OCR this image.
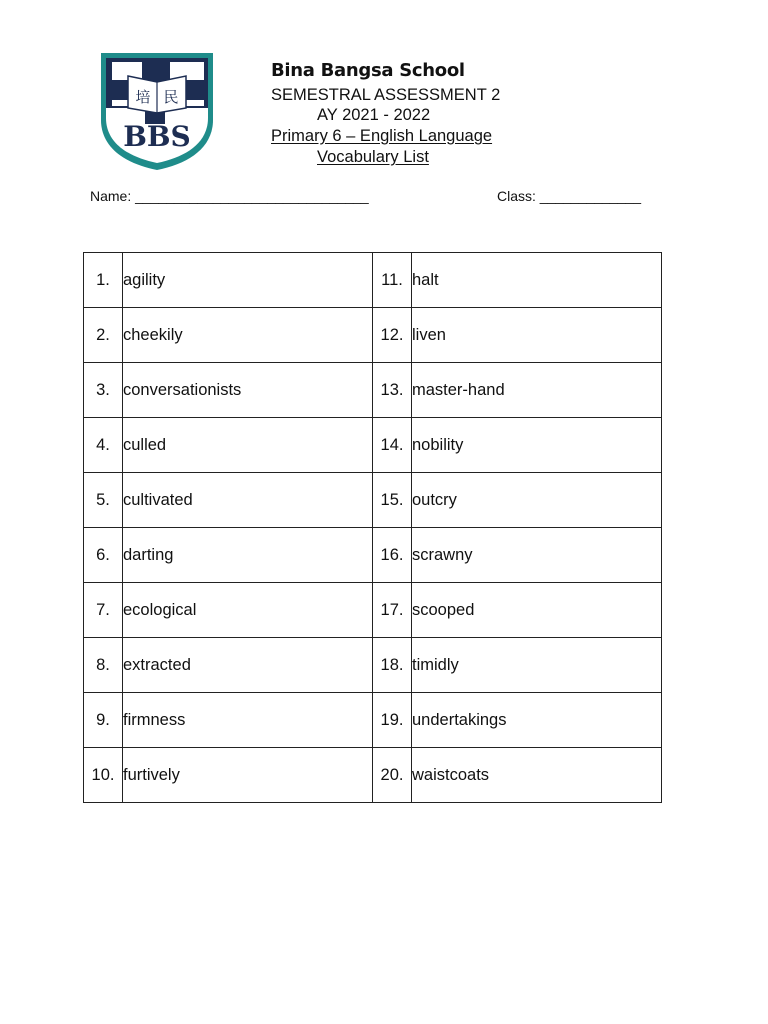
培 民
BBS
Bina Bangsa School
SEMESTRAL ASSESSMENT 2
AY 2021 - 2022
Primary 6 – English Language
Vocabulary List
Name: ______________________________	Class: _____________
1.	agility	11.	halt
2.	cheekily	12.	liven
3.	conversationists	13.	master-hand
4.	culled	14.	nobility
5.	cultivated	15.	outcry
6.	darting	16.	scrawny
7.	ecological	17.	scooped
8.	extracted	18.	timidly
9.	firmness	19.	undertakings
10.	furtively	20.	waistcoats
